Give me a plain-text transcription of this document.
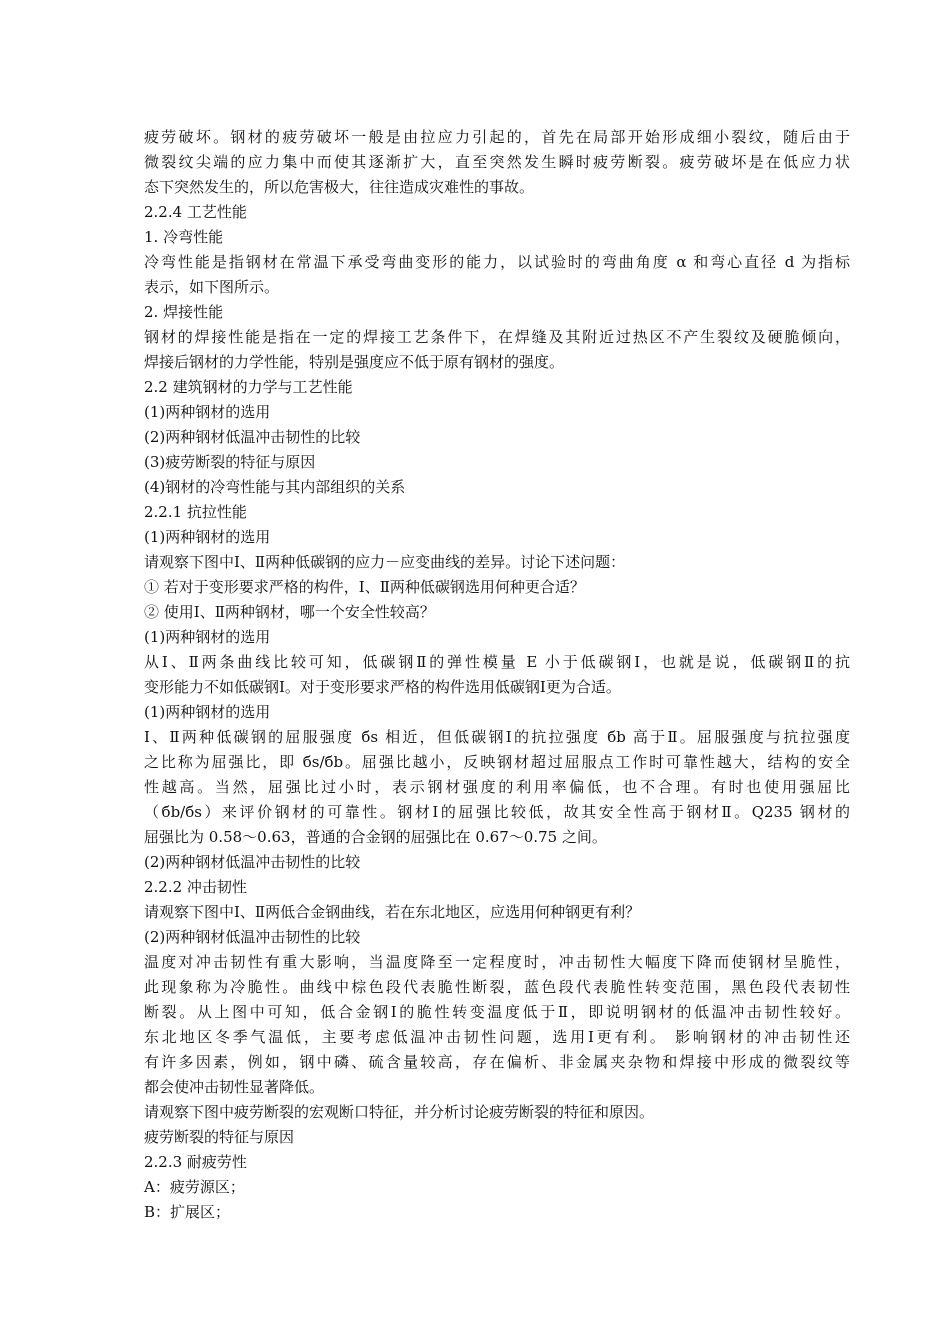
疲劳破坏。钢材的疲劳破坏一般是由拉应力引起的，首先在局部开始形成细小裂纹，随后由于
微裂纹尖端的应力集中而使其逐渐扩大，直至突然发生瞬时疲劳断裂。疲劳破坏是在低应力状
态下突然发生的，所以危害极大，往往造成灾难性的事故。
2.2.4 工艺性能
1. 冷弯性能
冷弯性能是指钢材在常温下承受弯曲变形的能力，以试验时的弯曲角度 α 和弯心直径 d 为指标
表示，如下图所示。
2. 焊接性能
钢材的焊接性能是指在一定的焊接工艺条件下，在焊缝及其附近过热区不产生裂纹及硬脆倾向，
焊接后钢材的力学性能，特别是强度应不低于原有钢材的强度。
2.2 建筑钢材的力学与工艺性能
(1)两种钢材的选用
(2)两种钢材低温冲击韧性的比较
(3)疲劳断裂的特征与原因
(4)钢材的冷弯性能与其内部组织的关系
2.2.1 抗拉性能
(1)两种钢材的选用
请观察下图中Ⅰ、Ⅱ两种低碳钢的应力－应变曲线的差异。讨论下述问题：
① 若对于变形要求严格的构件，Ⅰ、Ⅱ两种低碳钢选用何种更合适？
② 使用Ⅰ、Ⅱ两种钢材，哪一个安全性较高？
(1)两种钢材的选用
从Ⅰ、Ⅱ两条曲线比较可知，低碳钢Ⅱ的弹性模量 E 小于低碳钢Ⅰ，也就是说，低碳钢Ⅱ的抗
变形能力不如低碳钢Ⅰ。对于变形要求严格的构件选用低碳钢Ⅰ更为合适。
(1)两种钢材的选用
Ⅰ、Ⅱ两种低碳钢的屈服强度 бs 相近，但低碳钢Ⅰ的抗拉强度 бb 高于Ⅱ。屈服强度与抗拉强度
之比称为屈强比，即 бs/бb。屈强比越小，反映钢材超过屈服点工作时可靠性越大，结构的安全
性越高。当然，屈强比过小时，表示钢材强度的利用率偏低，也不合理。有时也使用强屈比
（бb/бs）来评价钢材的可靠性。钢材Ⅰ的屈强比较低，故其安全性高于钢材Ⅱ。Q235 钢材的
屈强比为 0.58～0.63，普通的合金钢的屈强比在 0.67～0.75 之间。
(2)两种钢材低温冲击韧性的比较
2.2.2 冲击韧性
请观察下图中Ⅰ、Ⅱ两低合金钢曲线，若在东北地区，应选用何种钢更有利？
(2)两种钢材低温冲击韧性的比较
温度对冲击韧性有重大影响，当温度降至一定程度时，冲击韧性大幅度下降而使钢材呈脆性，
此现象称为冷脆性。曲线中棕色段代表脆性断裂，蓝色段代表脆性转变范围，黑色段代表韧性
断裂。从上图中可知，低合金钢Ⅰ的脆性转变温度低于Ⅱ，即说明钢材的低温冲击韧性较好。
东北地区冬季气温低，主要考虑低温冲击韧性问题，选用Ⅰ更有利。 影响钢材的冲击韧性还
有许多因素，例如，钢中磷、硫含量较高，存在偏析、非金属夹杂物和焊接中形成的微裂纹等
都会使冲击韧性显著降低。
请观察下图中疲劳断裂的宏观断口特征，并分析讨论疲劳断裂的特征和原因。
疲劳断裂的特征与原因
2.2.3 耐疲劳性
A：疲劳源区；
B：扩展区；
